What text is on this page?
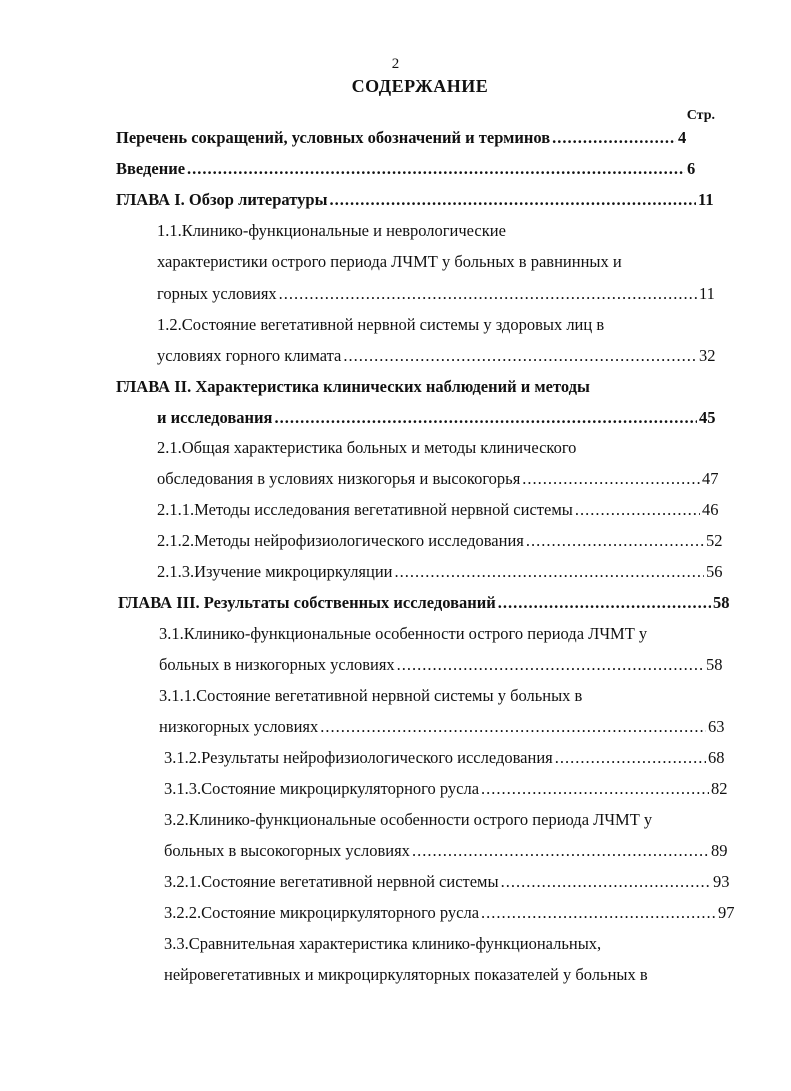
2
СОДЕРЖАНИЕ
Стр.
Перечень сокращений, условных обозначений и терминов .....	4
Введение .....	6
ГЛАВА I. Обзор литературы .....	11
1.1.Клинико-функциональные и неврологические
характеристики острого периода ЛЧМТ у больных в равнинных и
горных условиях .....	11
1.2.Состояние вегетативной нервной системы у здоровых лиц в
условиях горного климата .....	32
ГЛАВА II. Характеристика клинических наблюдений и методы
и исследования .....	45
2.1.Общая характеристика больных и методы клинического
обследования в условиях низкогорья и высокогорья .....	47
2.1.1.Методы исследования вегетативной нервной системы .....	46
2.1.2.Методы нейрофизиологического исследования .....	52
2.1.3.Изучение микроциркуляции .....	56
ГЛАВА III. Результаты собственных исследований .....	58
3.1.Клинико-функциональные особенности острого периода ЛЧМТ у
больных в низкогорных условиях .....	58
3.1.1.Состояние вегетативной нервной системы у больных в
низкогорных условиях .....	63
3.1.2.Результаты нейрофизиологического исследования .....	68
3.1.3.Состояние микроциркуляторного русла .....	82
3.2.Клинико-функциональные особенности острого периода ЛЧМТ у
больных в высокогорных условиях .....	89
3.2.1.Состояние вегетативной нервной системы .....	93
3.2.2.Состояние микроциркуляторного русла .....	97
3.3.Сравнительная характеристика клинико-функциональных,
нейровегетативных и микроциркуляторных показателей у больных в
